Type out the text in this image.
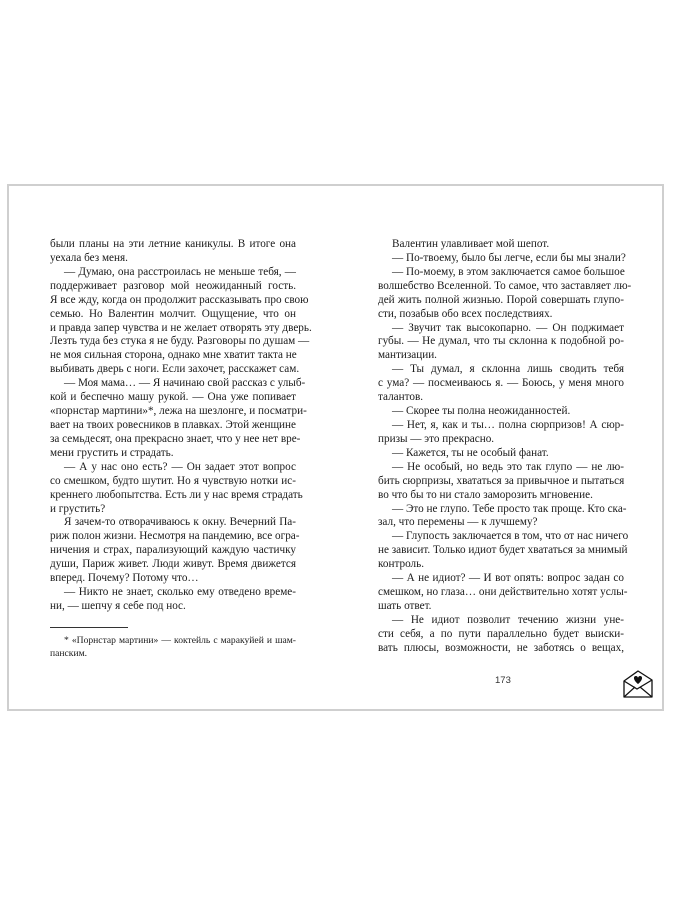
были планы на эти летние каникулы. В итоге она
уехала без меня.
— Думаю, она расстроилась не меньше тебя, —
поддерживает разговор мой неожиданный гость.
Я все жду, когда он продолжит рассказывать про свою
семью. Но Валентин молчит. Ощущение, что он
и правда запер чувства и не желает отворять эту дверь.
Лезть туда без стука я не буду. Разговоры по душам —
не моя сильная сторона, однако мне хватит такта не
выбивать дверь с ноги. Если захочет, расскажет сам.
— Моя мама… — Я начинаю свой рассказ с улыб-
кой и беспечно машу рукой. — Она уже попивает
«порнстар мартини»*, лежа на шезлонге, и посматри-
вает на твоих ровесников в плавках. Этой женщине
за семьдесят, она прекрасно знает, что у нее нет вре-
мени грустить и страдать.
— А у нас оно есть? — Он задает этот вопрос
со смешком, будто шутит. Но я чувствую нотки ис-
креннего любопытства. Есть ли у нас время страдать
и грустить?
Я зачем-то отворачиваюсь к окну. Вечерний Па-
риж полон жизни. Несмотря на пандемию, все огра-
ничения и страх, парализующий каждую частичку
души, Париж живет. Люди живут. Время движется
вперед. Почему? Потому что…
— Никто не знает, сколько ему отведено време-
ни, — шепчу я себе под нос.
Валентин улавливает мой шепот.
— По-твоему, было бы легче, если бы мы знали?
— По-моему, в этом заключается самое большое
волшебство Вселенной. То самое, что заставляет лю-
дей жить полной жизнью. Порой совершать глупо-
сти, позабыв обо всех последствиях.
— Звучит так высокопарно. — Он поджимает
губы. — Не думал, что ты склонна к подобной ро-
мантизации.
— Ты думал, я склонна лишь сводить тебя
с ума? — посмеиваюсь я. — Боюсь, у меня много
талантов.
— Скорее ты полна неожиданностей.
— Нет, я, как и ты… полна сюрпризов! А сюр-
призы — это прекрасно.
— Кажется, ты не особый фанат.
— Не особый, но ведь это так глупо — не лю-
бить сюрпризы, хвататься за привычное и пытаться
во что бы то ни стало заморозить мгновение.
— Это не глупо. Тебе просто так проще. Кто ска-
зал, что перемены — к лучшему?
— Глупость заключается в том, что от нас ничего
не зависит. Только идиот будет хвататься за мнимый
контроль.
— А не идиот? — И вот опять: вопрос задан со
смешком, но глаза… они действительно хотят услы-
шать ответ.
— Не идиот позволит течению жизни уне-
сти себя, а по пути параллельно будет выиски-
вать плюсы, возможности, не заботясь о вещах,
* «Порнстар мартини» — коктейль с маракуйей и шам-
панским.
173
